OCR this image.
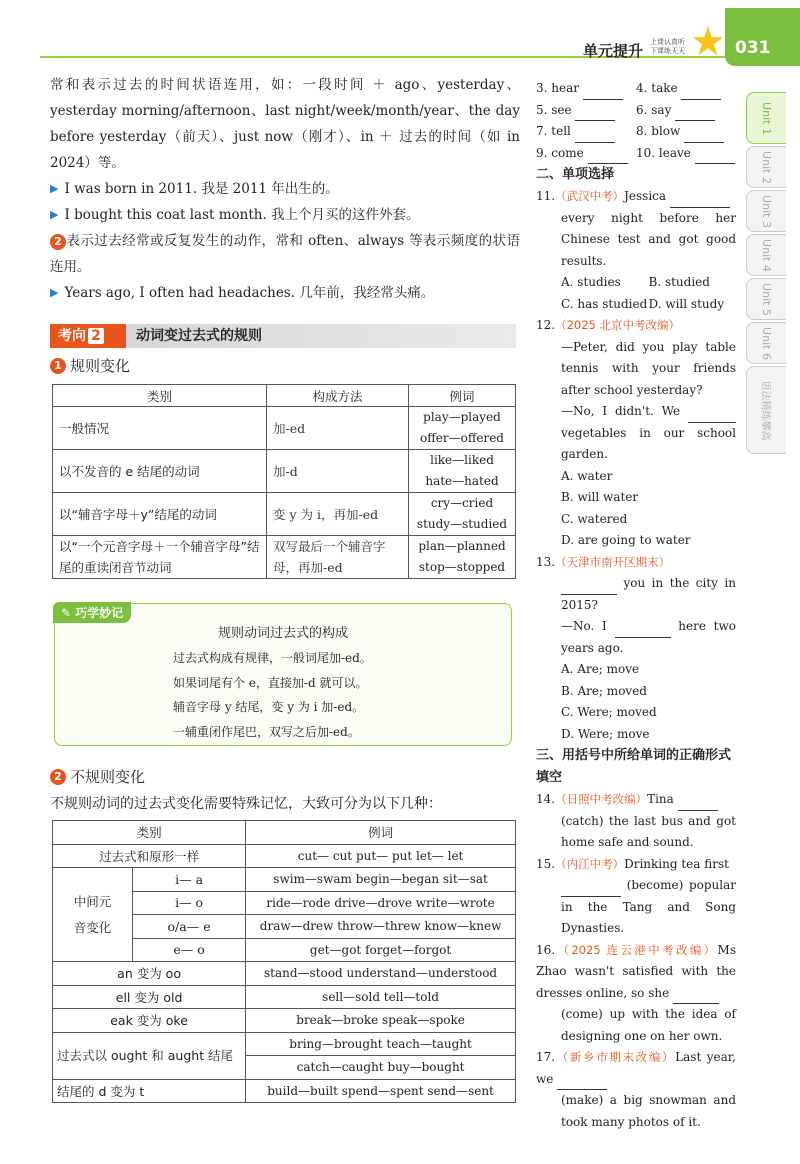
单元提升 上课认真听
下课练天天 ★ 031
常和表示过去的时间状语连用，如：一段时间 ＋ ago、yesterday、yesterday morning/afternoon、last night/week/month/year、the day before yesterday（前天）、just now（刚才）、in ＋ 过去的时间（如 in 2024）等。
▶ I was born in 2011. 我是 2011 年出生的。
▶ I bought this coat last month. 我上个月买的这件外套。
2 表示过去经常或反复发生的动作，常和 often、always 等表示频度的状语连用。
▶ Years ago, I often had headaches. 几年前，我经常头痛。
考向 2	动词变过去式的规则
1 规则变化
类别	构成方法	例词
一般情况	加-ed	play—played
offer—offered

以不发音的 e 结尾的动词	加-d	like—liked
hate—hated

以“辅音字母＋y”结尾的动词	变 y 为 i，再加-ed	cry—cried
study—studied

以“一个元音字母＋一个辅音字母”结尾的重读闭音节动词	双写最后一个辅音字母，再加-ed	plan—planned
stop—stopped
✎ 巧学妙记
规则动词过去式的构成
过去式构成有规律，一般词尾加-ed。
如果词尾有个 e，直接加-d 就可以。
辅音字母 y 结尾，变 y 为 i 加-ed。
一辅重闭作尾巴，双写之后加-ed。
2 不规则变化
不规则动词的过去式变化需要特殊记忆，大致可分为以下几种：
类别		例词
过去式和原形一样		cut— cut put— put let— let
中间元音变化	i— a	swim—swam begin—began sit—sat
	i— o	ride—rode drive—drove write—wrote
	o/a— e	draw—drew throw—threw know—knew
	e— o	get—got forget—forgot
an 变为 oo		stand—stood understand—understood
ell 变为 old		sell—sold tell—told
eak 变为 oke		break—broke speak—spoke
过去式以 ought 和 aught 结尾		bring—brought teach—taught
		catch—caught buy—bought
结尾的 d 变为 t		build—built spend—spent send—sent
3. hear	4. take
5. see	6. say
7. tell	8. blow
9. come	10. leave
二、单项选择
11.（武汉中考）Jessica
every night before her Chinese test and got good results.
A. studies	B. studied
C. has studied D. will study
12.（2025 北京中考改编）
—Peter, did you play table tennis with your friends after school yesterday?
—No, I didn't. We  vegetables in our school garden.
A. water
B. will water
C. watered
D. are going to water
13.（天津市南开区期末）
you in the city in 2015?
—No. I	here two years ago.
A. Are; move
B. Are; moved
C. Were; moved
D. Were; move
三、用括号中所给单词的正确形式填空
14.（日照中考改编）Tina
(catch) the last bus and got home safe and sound.
15.（内江中考）Drinking tea first
(become) popular in the Tang and Song Dynasties.
16.（2025 连云港中考改编）Ms Zhao wasn't satisfied with the dresses online, so she
(come) up with the idea of designing one on her own.
17.（新乡市期末改编）Last year, we
(make) a big snowman and took many photos of it.
Unit 1
Unit 2
Unit 3
Unit 4
Unit 5
Unit 6
语法精练攀高
